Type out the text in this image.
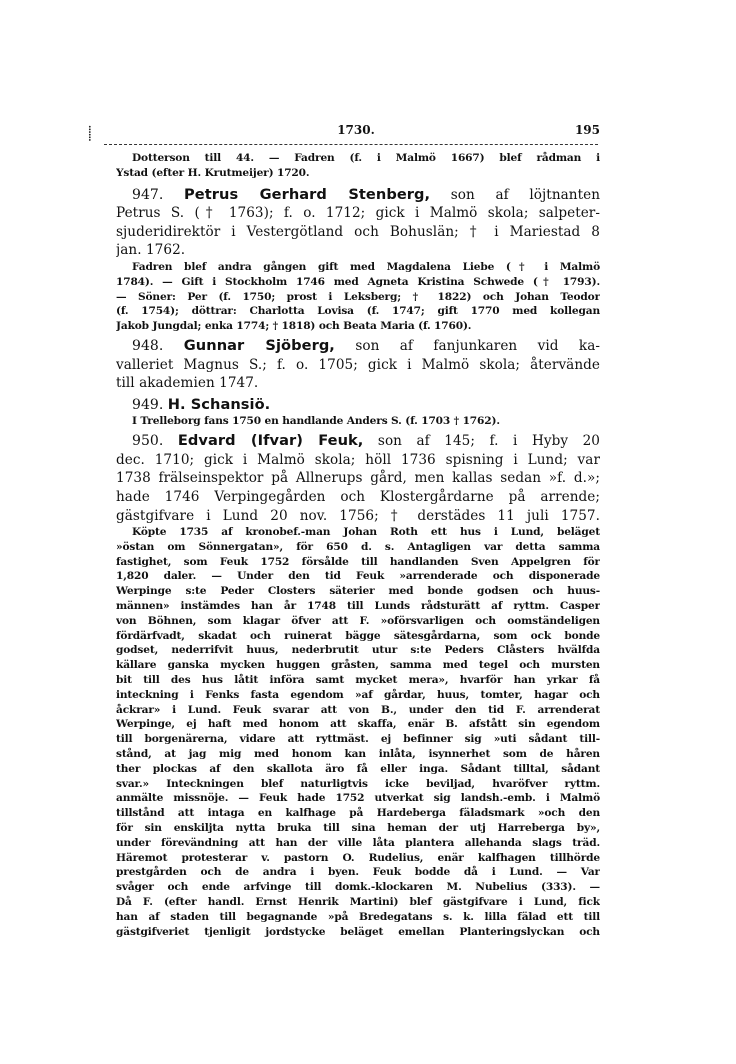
⸽	1730.	195
Dotterson till 44. — Fadren (f. i Malmö 1667) blef rådman i
Ystad (efter H. Krutmeijer) 1720.
947. Petrus Gerhard Stenberg, son af löjtnanten
Petrus S. († 1763); f. o. 1712; gick i Malmö skola; salpeter-
sjuderidirektör i Vestergötland och Bohuslän; † i Mariestad 8
jan. 1762.
Fadren blef andra gången gift med Magdalena Liebe († i Malmö
1784). — Gift i Stockholm 1746 med Agneta Kristina Schwede († 1793).
— Söner: Per (f. 1750; prost i Leksberg; † 1822) och Johan Teodor
(f. 1754); döttrar: Charlotta Lovisa (f. 1747; gift 1770 med kollegan
Jakob Jungdal; enka 1774; † 1818) och Beata Maria (f. 1760).
948. Gunnar Sjöberg, son af fanjunkaren vid ka-
valleriet Magnus S.; f. o. 1705; gick i Malmö skola; återvände
till akademien 1747.
949. H. Schansiö.
I Trelleborg fans 1750 en handlande Anders S. (f. 1703 † 1762).
950. Edvard (Ifvar) Feuk, son af 145; f. i Hyby 20
dec. 1710; gick i Malmö skola; höll 1736 spisning i Lund; var
1738 frälseinspektor på Allnerups gård, men kallas sedan »f. d.»;
hade 1746 Verpingegården och Klostergårdarne på arrende;
gästgifvare i Lund 20 nov. 1756; † derstädes 11 juli 1757.
Köpte 1735 af kronobef.-man Johan Roth ett hus i Lund, beläget
»östan om Sönnergatan», för 650 d. s. Antagligen var detta samma
fastighet, som Feuk 1752 försålde till handlanden Sven Appelgren för
1,820 daler. — Under den tid Feuk »arrenderade och disponerade
Werpinge s:te Peder Closters säterier med bonde godsen och huus-
männen» instämdes han år 1748 till Lunds rådsturätt af ryttm. Casper
von Böhnen, som klagar öfver att F. »oförsvarligen och oomständeligen
fördärfvadt, skadat och ruinerat bägge sätesgårdarna, som ock bonde
godset, nederrifvit huus, nederbrutit utur s:te Peders Clåsters hvälfda
källare ganska mycken huggen gråsten, samma med tegel och mursten
bit till des hus låtit införa samt mycket mera», hvarför han yrkar få
inteckning i Fenks fasta egendom »af gårdar, huus, tomter, hagar och
åckrar» i Lund. Feuk svarar att von B., under den tid F. arrenderat
Werpinge, ej haft med honom att skaffa, enär B. afstått sin egendom
till borgenärerna, vidare att ryttmäst. ej befinner sig »uti sådant till-
stånd, at jag mig med honom kan inlåta, isynnerhet som de håren
ther plockas af den skallota äro få eller inga. Sådant tilltal, sådant
svar.» Inteckningen blef naturligtvis icke beviljad, hvaröfver ryttm.
anmälte missnöje. — Feuk hade 1752 utverkat sig landsh.-emb. i Malmö
tillstånd att intaga en kalfhage på Hardeberga fäladsmark »och den
för sin enskiljta nytta bruka till sina heman der utj Harreberga by»,
under förevändning att han der ville låta plantera allehanda slags träd.
Häremot protesterar v. pastorn O. Rudelius, enär kalfhagen tillhörde
prestgården och de andra i byen. Feuk bodde då i Lund. — Var
svåger och ende arfvinge till domk.-klockaren M. Nubelius (333). —
Då F. (efter handl. Ernst Henrik Martini) blef gästgifvare i Lund, fick
han af staden till begagnande »på Bredegatans s. k. lilla fälad ett till
gästgifveriet tjenligit jordstycke beläget emellan Planteringslyckan och
